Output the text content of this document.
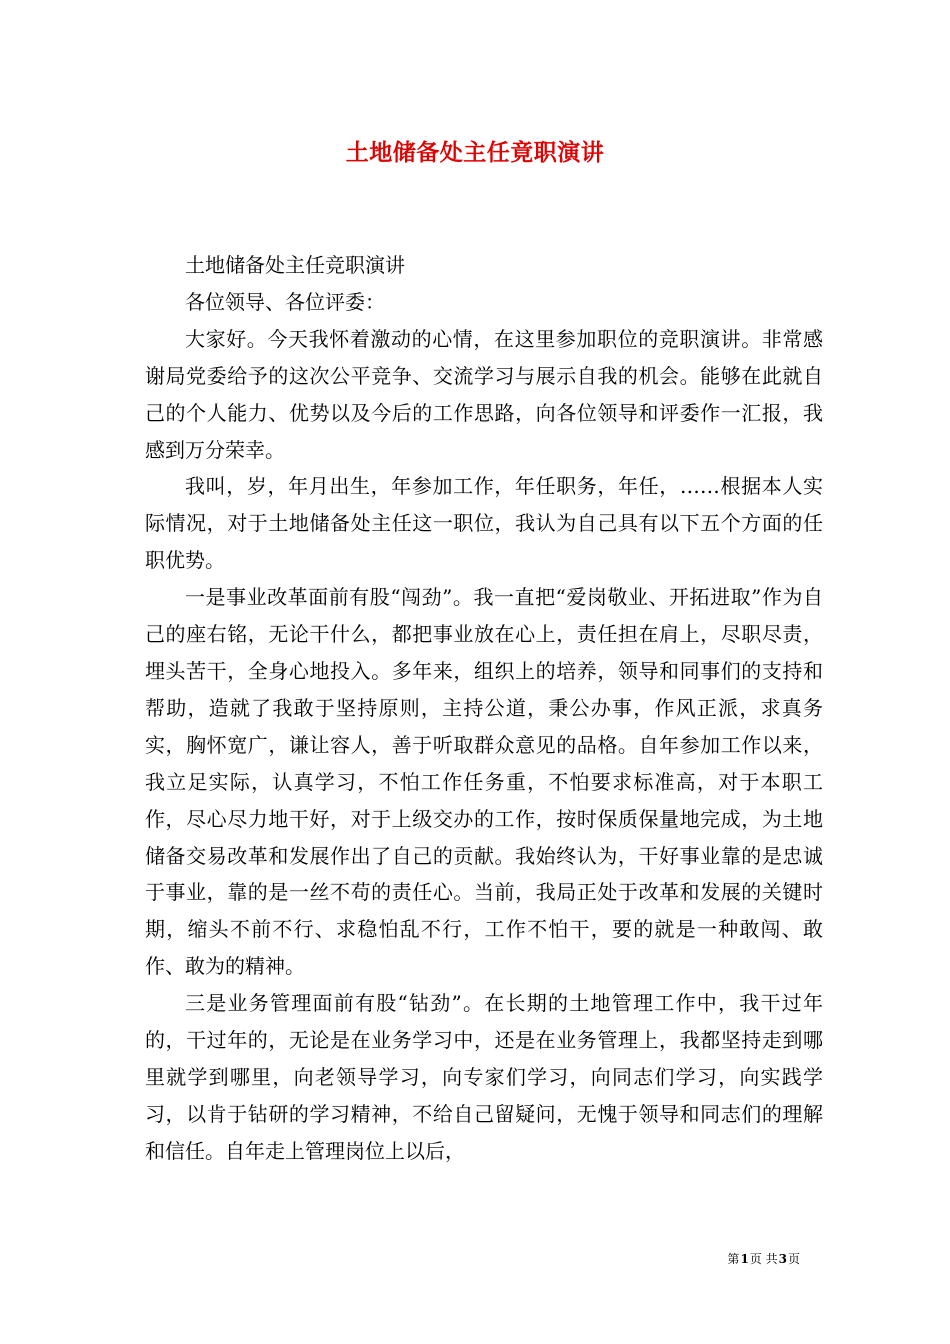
土地储备处主任竟职演讲

土地储备处主任竞职演讲

各位领导、各位评委：

大家好。今天我怀着激动的心情，在这里参加职位的竞职演讲。非常感谢局党委给予的这次公平竞争、交流学习与展示自我的机会。能够在此就自己的个人能力、优势以及今后的工作思路，向各位领导和评委作一汇报，我感到万分荣幸。

我叫，岁，年月出生，年参加工作，年任职务，年任，……根据本人实际情况，对于土地储备处主任这一职位，我认为自己具有以下五个方面的任职优势。

一是事业改革面前有股“闯劲”。我一直把“爱岗敬业、开拓进取”作为自己的座右铭，无论干什么，都把事业放在心上，责任担在肩上，尽职尽责，埋头苦干，全身心地投入。多年来，组织上的培养，领导和同事们的支持和帮助，造就了我敢于坚持原则，主持公道，秉公办事，作风正派，求真务实，胸怀宽广，谦让容人，善于听取群众意见的品格。自年参加工作以来，我立足实际，认真学习，不怕工作任务重，不怕要求标准高，对于本职工作，尽心尽力地干好，对于上级交办的工作，按时保质保量地完成，为土地储备交易改革和发展作出了自己的贡献。我始终认为，干好事业靠的是忠诚于事业，靠的是一丝不苟的责任心。当前，我局正处于改革和发展的关键时期，缩头不前不行、求稳怕乱不行，工作不怕干，要的就是一种敢闯、敢作、敢为的精神。

三是业务管理面前有股“钻劲”。在长期的土地管理工作中，我干过年的，干过年的，无论是在业务学习中，还是在业务管理上，我都坚持走到哪里就学到哪里，向老领导学习，向专家们学习，向同志们学习，向实践学习，以肯于钻研的学习精神，不给自己留疑问，无愧于领导和同志们的理解和信任。自年走上管理岗位上以后，

第1页 共3页
